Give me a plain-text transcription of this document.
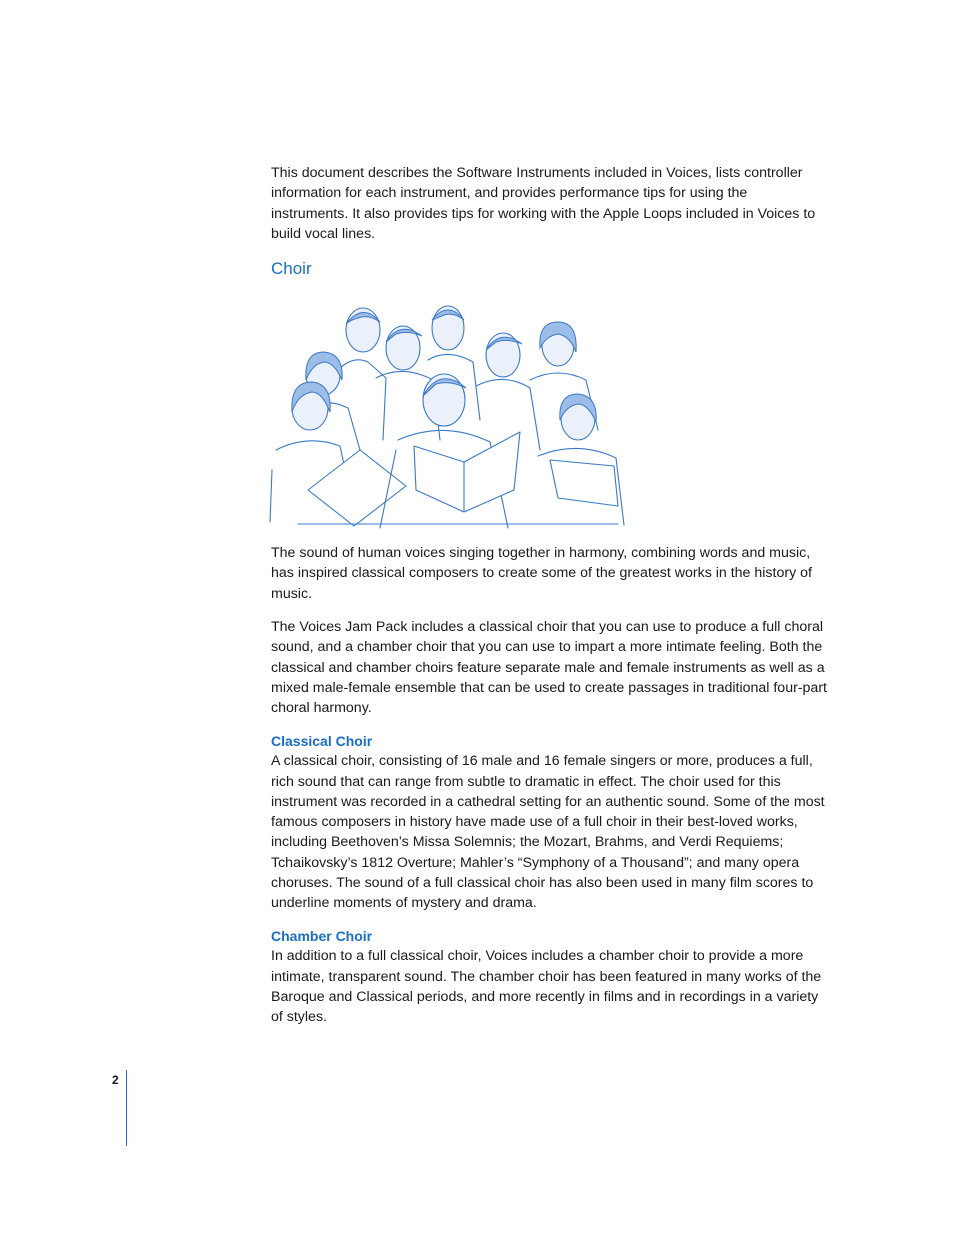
This document describes the Software Instruments included in Voices, lists controller information for each instrument, and provides performance tips for using the instruments. It also provides tips for working with the Apple Loops included in Voices to build vocal lines.

Choir

The sound of human voices singing together in harmony, combining words and music, has inspired classical composers to create some of the greatest works in the history of music.

The Voices Jam Pack includes a classical choir that you can use to produce a full choral sound, and a chamber choir that you can use to impart a more intimate feeling. Both the classical and chamber choirs feature separate male and female instruments as well as a mixed male-female ensemble that can be used to create passages in traditional four-part choral harmony.

Classical Choir

A classical choir, consisting of 16 male and 16 female singers or more, produces a full, rich sound that can range from subtle to dramatic in effect. The choir used for this instrument was recorded in a cathedral setting for an authentic sound. Some of the most famous composers in history have made use of a full choir in their best-loved works, including Beethoven’s Missa Solemnis; the Mozart, Brahms, and Verdi Requiems; Tchaikovsky’s 1812 Overture; Mahler’s “Symphony of a Thousand”; and many opera choruses. The sound of a full classical choir has also been used in many film scores to underline moments of mystery and drama.

Chamber Choir

In addition to a full classical choir, Voices includes a chamber choir to provide a more intimate, transparent sound. The chamber choir has been featured in many works of the Baroque and Classical periods, and more recently in films and in recordings in a variety of styles.

2
